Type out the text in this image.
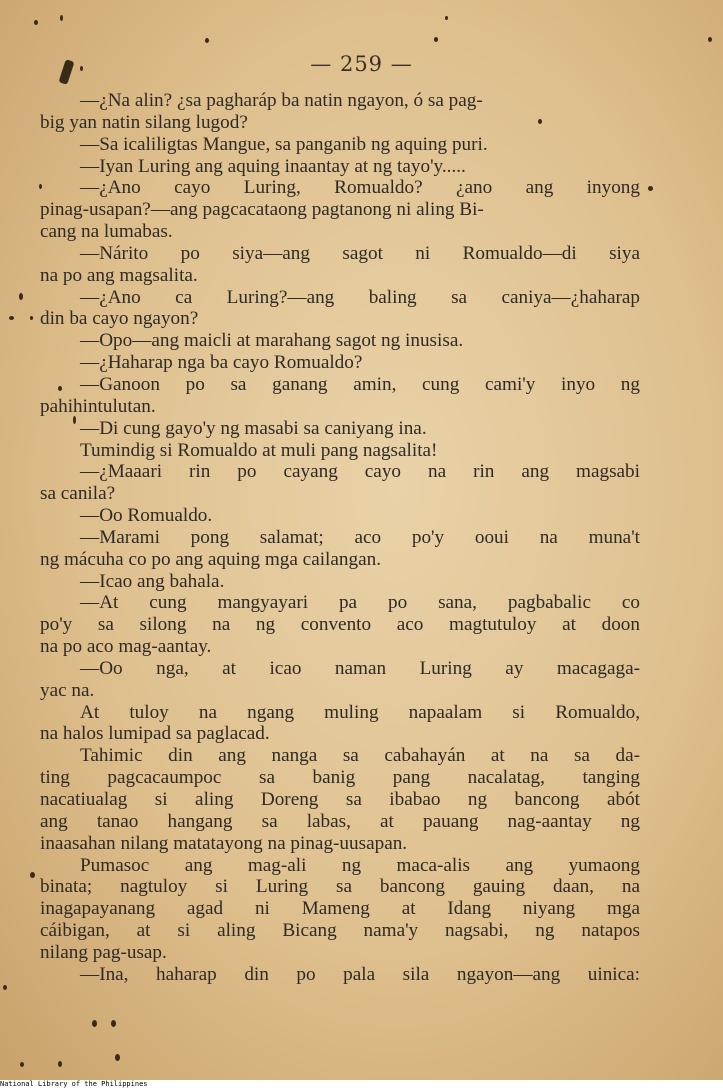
— 259 —
—¿Na alin? ¿sa pagharáp ba natin ngayon, ó sa pag-
big yan natin silang lugod?
—Sa icaliligtas Mangue, sa panganib ng aquing puri.
—Iyan Luring ang aquing inaantay at ng tayo'y.....
—¿Ano cayo Luring, Romualdo? ¿ano ang inyong
pinag-usapan?—ang pagcacataong pagtanong ni aling Bi-
cang na lumabas.
—Nárito po siya—ang sagot ni Romualdo—di siya
na po ang magsalita.
—¿Ano ca Luring?—ang baling sa caniya—¿haharap
din ba cayo ngayon?
—Opo—ang maicli at marahang sagot ng inusisa.
—¿Haharap nga ba cayo Romualdo?
—Ganoon po sa ganang amin, cung cami'y inyo ng
pahihintulutan.
—Di cung gayo'y ng masabi sa caniyang ina.
Tumindig si Romualdo at muli pang nagsalita!
—¿Maaari rin po cayang cayo na rin ang magsabi
sa canila?
—Oo Romualdo.
—Marami pong salamat; aco po'y ooui na muna't
ng mácuha co po ang aquing mga cailangan.
—Icao ang bahala.
—At cung mangyayari pa po sana, pagbabalic co
po'y sa silong na ng convento aco magtutuloy at doon
na po aco mag-aantay.
—Oo nga, at icao naman Luring ay macagaga-
yac na.
At tuloy na ngang muling napaalam si Romualdo,
na halos lumipad sa paglacad.
Tahimic din ang nanga sa cabahayán at na sa da-
ting pagcacaumpoc sa banig pang nacalatag, tanging
nacatiualag si aling Doreng sa ibabao ng bancong abót
ang tanao hangang sa labas, at pauang nag-aantay ng
inaasahan nilang matatayong na pinag-uusapan.
Pumasoc ang mag-ali ng maca-alis ang yumaong
binata; nagtuloy si Luring sa bancong gauing daan, na
inagapayanang agad ni Mameng at Idang niyang mga
cáibigan, at si aling Bicang nama'y nagsabi, ng natapos
nilang pag-usap.
—Ina, haharap din po pala sila ngayon—ang uinica:
National Library of the Philippines
